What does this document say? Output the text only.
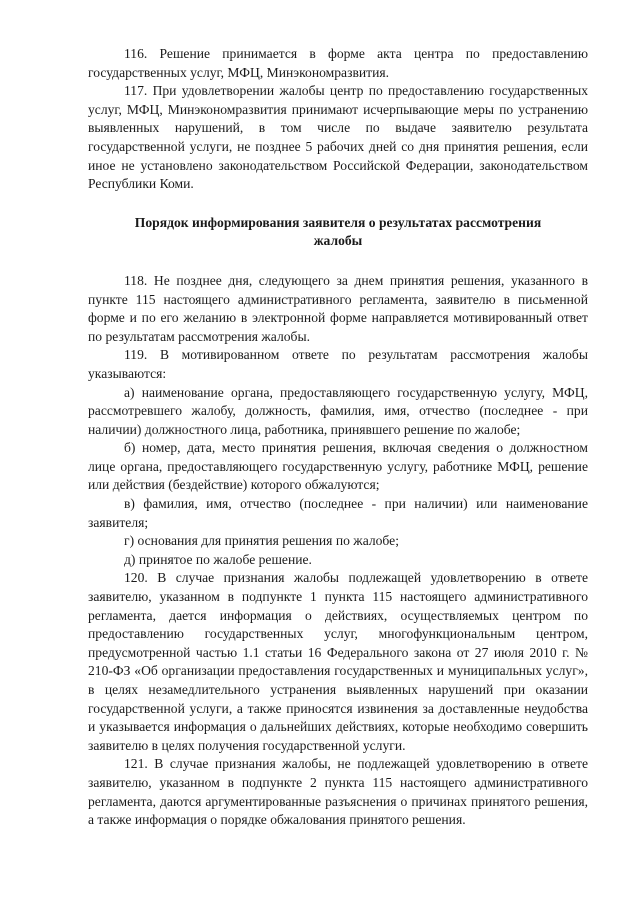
116. Решение принимается в форме акта центра по предоставлению государственных услуг, МФЦ, Минэкономразвития.

117. При удовлетворении жалобы центр по предоставлению государственных услуг, МФЦ, Минэкономразвития принимают исчерпывающие меры по устранению выявленных нарушений, в том числе по выдаче заявителю результата государственной услуги, не позднее 5 рабочих дней со дня принятия решения, если иное не установлено законодательством Российской Федерации, законодательством Республики Коми.

Порядок информирования заявителя о результатах рассмотрения жалобы

118. Не позднее дня, следующего за днем принятия решения, указанного в пункте 115 настоящего административного регламента, заявителю в письменной форме и по его желанию в электронной форме направляется мотивированный ответ по результатам рассмотрения жалобы.

119. В мотивированном ответе по результатам рассмотрения жалобы указываются:

а) наименование органа, предоставляющего государственную услугу, МФЦ, рассмотревшего жалобу, должность, фамилия, имя, отчество (последнее - при наличии) должностного лица, работника, принявшего решение по жалобе;

б) номер, дата, место принятия решения, включая сведения о должностном лице органа, предоставляющего государственную услугу, работнике МФЦ, решение или действия (бездействие) которого обжалуются;

в) фамилия, имя, отчество (последнее - при наличии) или наименование заявителя;

г) основания для принятия решения по жалобе;

д) принятое по жалобе решение.

120. В случае признания жалобы подлежащей удовлетворению в ответе заявителю, указанном в подпункте 1 пункта 115 настоящего административного регламента, дается информация о действиях, осуществляемых центром по предоставлению государственных услуг, многофункциональным центром, предусмотренной частью 1.1 статьи 16 Федерального закона от 27 июля 2010 г. № 210-ФЗ «Об организации предоставления государственных и муниципальных услуг», в целях незамедлительного устранения выявленных нарушений при оказании государственной услуги, а также приносятся извинения за доставленные неудобства и указывается информация о дальнейших действиях, которые необходимо совершить заявителю в целях получения государственной услуги.

121. В случае признания жалобы, не подлежащей удовлетворению в ответе заявителю, указанном в подпункте 2 пункта 115 настоящего административного регламента, даются аргументированные разъяснения о причинах принятого решения, а также информация о порядке обжалования принятого решения.
